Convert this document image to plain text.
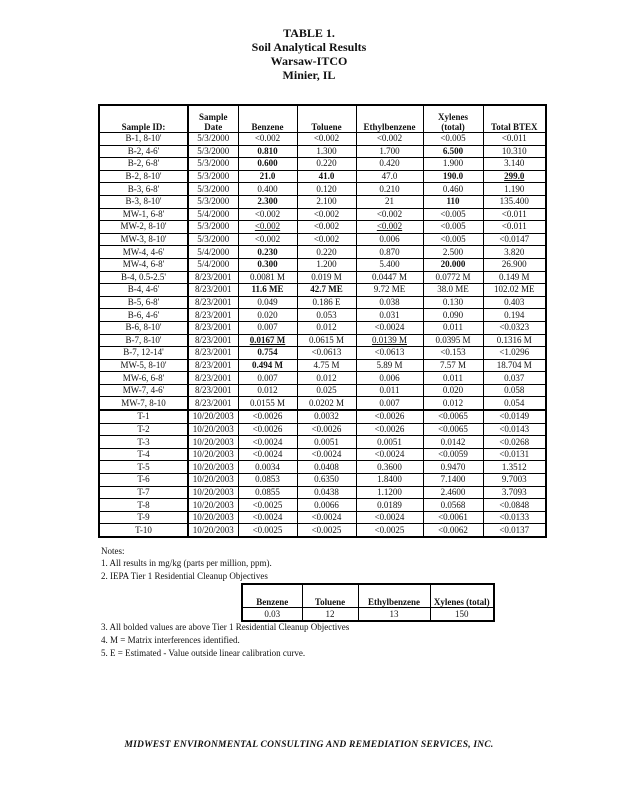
TABLE 1.
Soil Analytical Results
Warsaw-ITCO
Minier, IL
Sample ID:	Sample Date	Benzene	Toluene	Ethylbenzene	Xylenes (total)	Total BTEX
B-1, 8-10'	5/3/2000	<0.002	<0.002	<0.002	<0.005	<0.011
B-2, 4-6'	5/3/2000	0.810	1.300	1.700	6.500	10.310
B-2, 6-8'	5/3/2000	0.600	0.220	0.420	1.900	3.140
B-2, 8-10'	5/3/2000	21.0	41.0	47.0	190.0	299.0
B-3, 6-8'	5/3/2000	0.400	0.120	0.210	0.460	1.190
B-3, 8-10'	5/3/2000	2.300	2.100	21	110	135.400
MW-1, 6-8'	5/4/2000	<0.002	<0.002	<0.002	<0.005	<0.011
MW-2, 8-10'	5/3/2000	<0.002	<0.002	<0.002	<0.005	<0.011
MW-3, 8-10'	5/3/2000	<0.002	<0.002	0.006	<0.005	<0.0147
MW-4, 4-6'	5/4/2000	0.230	0.220	0.870	2.500	3.820
MW-4, 6-8'	5/4/2000	0.300	1.200	5.400	20.000	26.900
B-4, 0.5-2.5'	8/23/2001	0.0081 M	0.019 M	0.0447 M	0.0772 M	0.149 M
B-4, 4-6'	8/23/2001	11.6 ME	42.7 ME	9.72 ME	38.0 ME	102.02 ME
B-5, 6-8'	8/23/2001	0.049	0.186 E	0.038	0.130	0.403
B-6, 4-6'	8/23/2001	0.020	0.053	0.031	0.090	0.194
B-6, 8-10'	8/23/2001	0.007	0.012	<0.0024	0.011	<0.0323
B-7, 8-10'	8/23/2001	0.0167 M	0.0615 M	0.0139 M	0.0395 M	0.1316 M
B-7, 12-14'	8/23/2001	0.754	<0.0613	<0.0613	<0.153	<1.0296
MW-5, 8-10'	8/23/2001	0.494 M	4.75 M	5.89 M	7.57 M	18.704 M
MW-6, 6-8'	8/23/2001	0.007	0.012	0.006	0.011	0.037
MW-7, 4-6'	8/23/2001	0.012	0.025	0.011	0.020	0.058
MW-7, 8-10	8/23/2001	0.0155 M	0.0202 M	0.007	0.012	0.054
T-1	10/20/2003	<0.0026	0.0032	<0.0026	<0.0065	<0.0149
T-2	10/20/2003	<0.0026	<0.0026	<0.0026	<0.0065	<0.0143
T-3	10/20/2003	<0.0024	0.0051	0.0051	0.0142	<0.0268
T-4	10/20/2003	<0.0024	<0.0024	<0.0024	<0.0059	<0.0131
T-5	10/20/2003	0.0034	0.0408	0.3600	0.9470	1.3512
T-6	10/20/2003	0.0853	0.6350	1.8400	7.1400	9.7003
T-7	10/20/2003	0.0855	0.0438	1.1200	2.4600	3.7093
T-8	10/20/2003	<0.0025	0.0066	0.0189	0.0568	<0.0848
T-9	10/20/2003	<0.0024	<0.0024	<0.0024	<0.0061	<0.0133
T-10	10/20/2003	<0.0025	<0.0025	<0.0025	<0.0062	<0.0137
Notes:
1. All results in mg/kg (parts per million, ppm).
2. IEPA Tier 1 Residential Cleanup Objectives
Benzene	Toluene	Ethylbenzene	Xylenes (total)
0.03	12	13	150
3. All bolded values are above Tier 1 Residential Cleanup Objectives
4. M = Matrix interferences identified.
5. E = Estimated - Value outside linear calibration curve.
MIDWEST ENVIRONMENTAL CONSULTING AND REMEDIATION SERVICES, INC.
